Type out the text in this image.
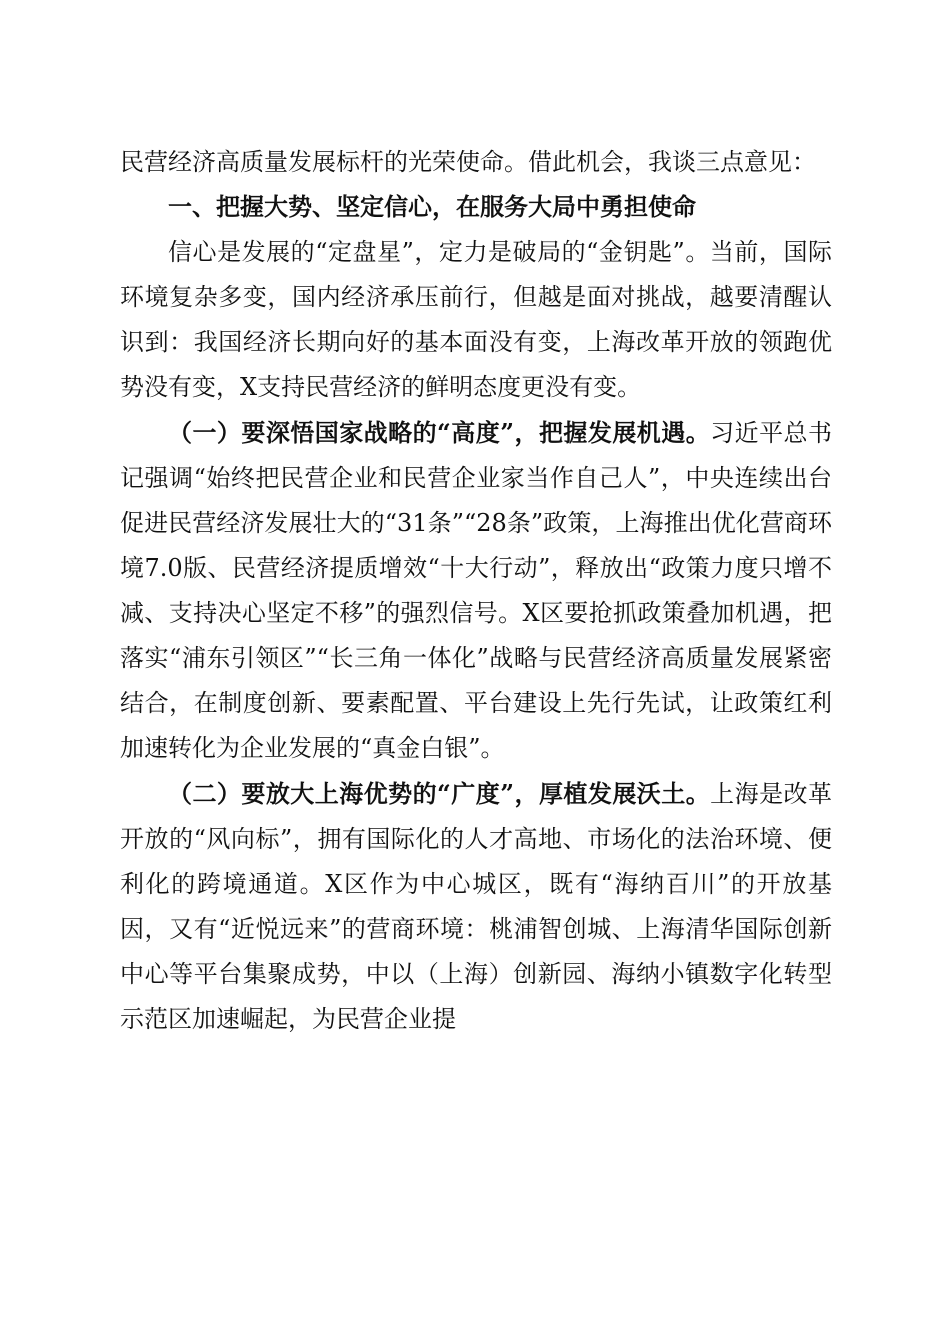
民营经济高质量发展标杆的光荣使命。借此机会，我谈三点意见：

一、把握大势、坚定信心，在服务大局中勇担使命

信心是发展的“定盘星”，定力是破局的“金钥匙”。当前，国际环境复杂多变，国内经济承压前行，但越是面对挑战，越要清醒认识到：我国经济长期向好的基本面没有变，上海改革开放的领跑优势没有变，X支持民营经济的鲜明态度更没有变。

（一）要深悟国家战略的“高度”，把握发展机遇。习近平总书记强调“始终把民营企业和民营企业家当作自己人”，中央连续出台促进民营经济发展壮大的“31条”“28条”政策，上海推出优化营商环境7.0版、民营经济提质增效“十大行动”，释放出“政策力度只增不减、支持决心坚定不移”的强烈信号。X区要抢抓政策叠加机遇，把落实“浦东引领区”“长三角一体化”战略与民营经济高质量发展紧密结合，在制度创新、要素配置、平台建设上先行先试，让政策红利加速转化为企业发展的“真金白银”。

（二）要放大上海优势的“广度”，厚植发展沃土。上海是改革开放的“风向标”，拥有国际化的人才高地、市场化的法治环境、便利化的跨境通道。X区作为中心城区，既有“海纳百川”的开放基因，又有“近悦远来”的营商环境：桃浦智创城、上海清华国际创新中心等平台集聚成势，中以（上海）创新园、海纳小镇数字化转型示范区加速崛起，为民营企业提
